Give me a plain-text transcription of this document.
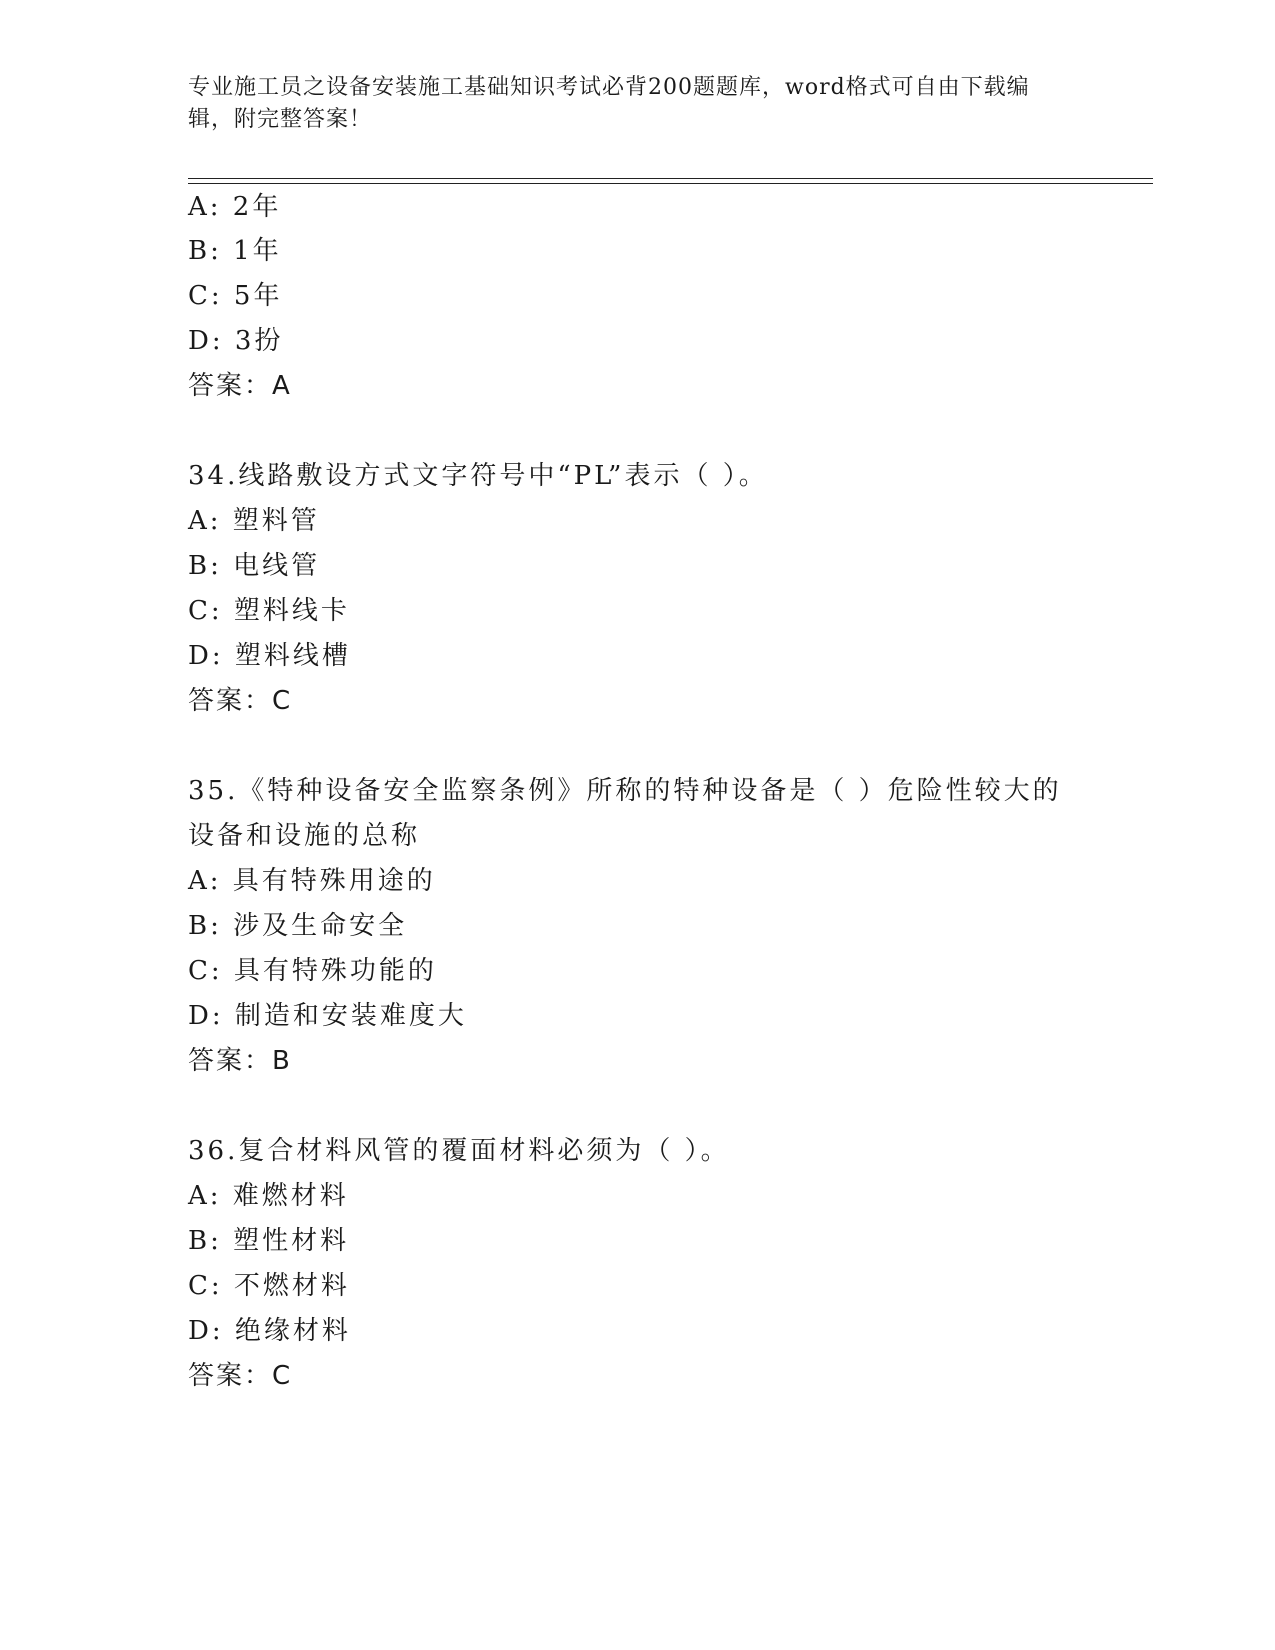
专业施工员之设备安装施工基础知识考试必背200题题库，word格式可自由下载编辑，附完整答案！
A: 2年
B: 1年
C: 5年
D: 3扮
答案：A
34.线路敷设方式文字符号中“PL”表示（ ）。
A: 塑料管
B: 电线管
C: 塑料线卡
D: 塑料线槽
答案：C
35.《特种设备安全监察条例》所称的特种设备是（ ）危险性较大的
设备和设施的总称
A: 具有特殊用途的
B: 涉及生命安全
C: 具有特殊功能的
D: 制造和安装难度大
答案：B
36.复合材料风管的覆面材料必须为（ ）。
A: 难燃材料
B: 塑性材料
C: 不燃材料
D: 绝缘材料
答案：C
